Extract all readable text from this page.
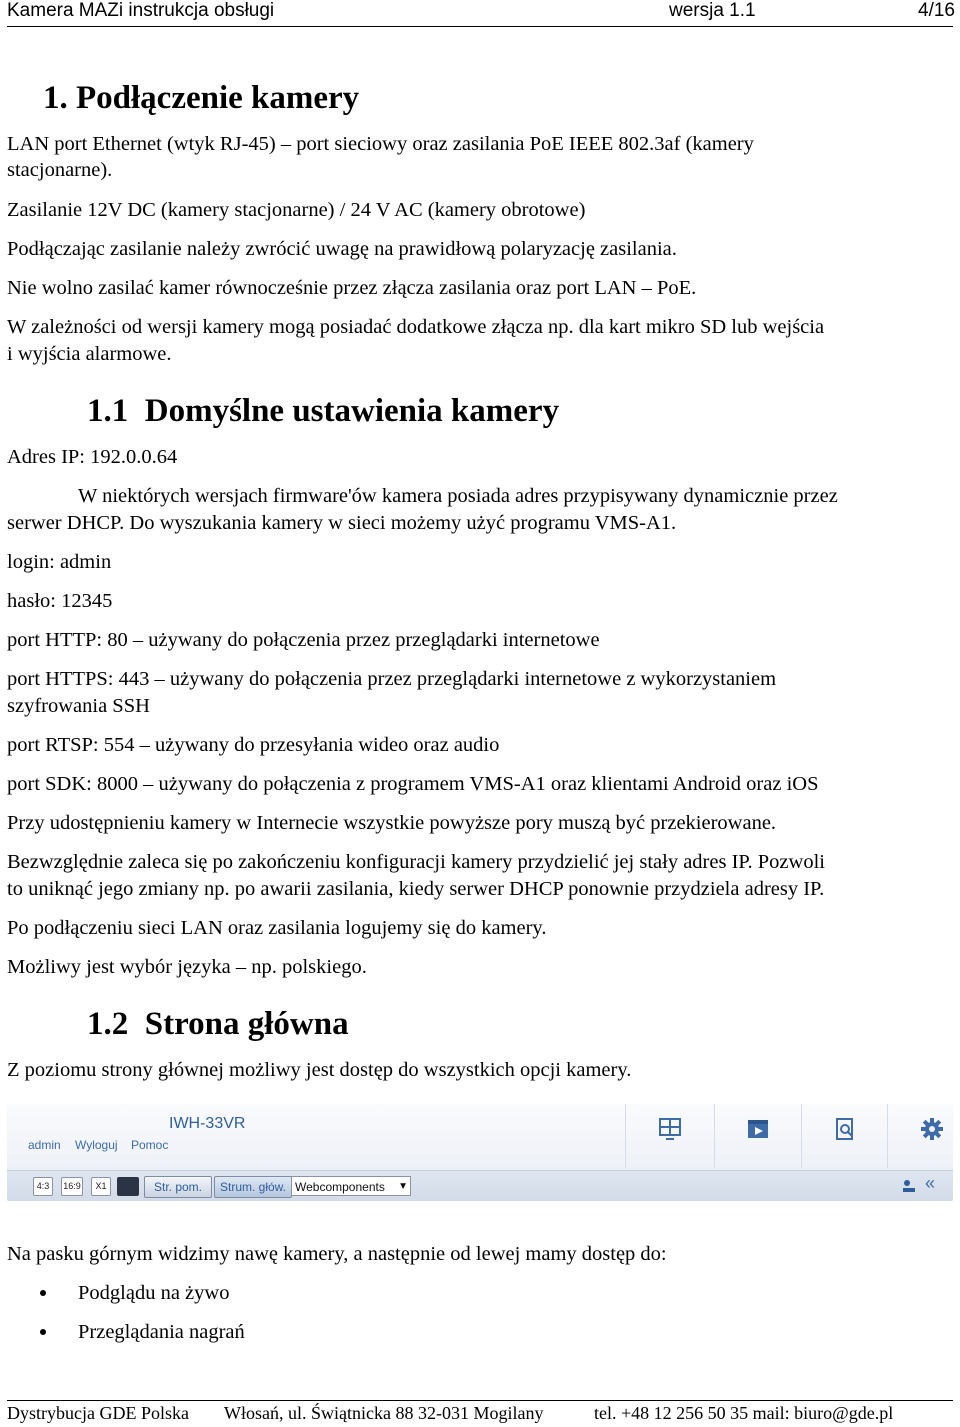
Kamera MAZi instrukcja obsługi	wersja 1.1	4/16
1. Podłączenie kamery
LAN port Ethernet (wtyk RJ-45) – port sieciowy oraz zasilania PoE IEEE 802.3af (kamery
stacjonarne).
Zasilanie 12V DC (kamery stacjonarne) / 24 V AC (kamery obrotowe)
Podłączając zasilanie należy zwrócić uwagę na prawidłową polaryzację zasilania.
Nie wolno zasilać kamer równocześnie przez złącza zasilania oraz port LAN – PoE.
W zależności od wersji kamery mogą posiadać dodatkowe złącza np. dla kart mikro SD lub wejścia
i wyjścia alarmowe.
1.1  Domyślne ustawienia kamery
Adres IP: 192.0.0.64
W niektórych wersjach firmware'ów kamera posiada adres przypisywany dynamicznie przez
serwer DHCP. Do wyszukania kamery w sieci możemy użyć programu VMS-A1.
login: admin
hasło: 12345
port HTTP: 80 – używany do połączenia przez przeglądarki internetowe
port HTTPS: 443 – używany do połączenia przez przeglądarki internetowe z wykorzystaniem
szyfrowania SSH
port RTSP: 554 – używany do przesyłania wideo oraz audio
port SDK: 8000 – używany do połączenia z programem VMS-A1 oraz klientami Android oraz iOS
Przy udostępnieniu kamery w Internecie wszystkie powyższe pory muszą być przekierowane.
Bezwzględnie zaleca się po zakończeniu konfiguracji kamery przydzielić jej stały adres IP. Pozwoli
to uniknąć jego zmiany np. po awarii zasilania, kiedy serwer DHCP ponownie przydziela adresy IP.
Po podłączeniu sieci LAN oraz zasilania logujemy się do kamery.
Możliwy jest wybór języka – np. polskiego.
1.2  Strona główna
Z poziomu strony głównej możliwy jest dostęp do wszystkich opcji kamery.
IWH-33VR
admin Wyloguj Pomoc
4:3	16:9	X1	Str. pom.	Strum. głów. Webcomponents ▼	«
Na pasku górnym widzimy nawę kamery, a następnie od lewej mamy dostęp do:
Podglądu na żywo
Przeglądania nagrań
Dystrybucja GDE Polska Włosań, ul. Świątnicka 88 32-031 Mogilany	tel. +48 12 256 50 35 mail: biuro@gde.pl
